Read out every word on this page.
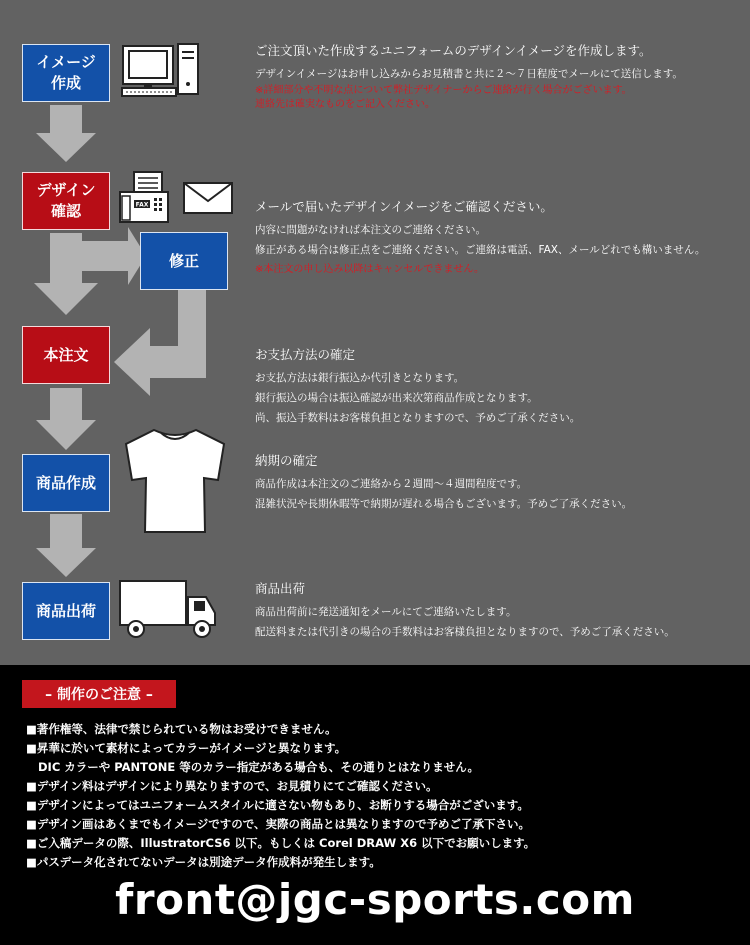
イメージ
作成
デザイン
確認
修正
本注文
商品作成
商品出荷
FAX

ご注文頂いた作成するユニフォームのデザインイメージを作成します。

デザインイメージはお申し込みからお見積書と共に２～７日程度でメールにて送信します。

※詳細部分や不明な点について弊社デザイナーからご連絡が行く場合がございます。

連絡先は確実なものをご記入ください。

メールで届いたデザインイメージをご確認ください。

内容に問題がなければ本注文のご連絡ください。

修正がある場合は修正点をご連絡ください。ご連絡は電話、FAX、メールどれでも構いません。

※本注文の申し込み以降はキャンセルできません。

お支払方法の確定

お支払方法は銀行振込か代引きとなります。

銀行振込の場合は振込確認が出来次第商品作成となります。

尚、振込手数料はお客様負担となりますので、予めご了承ください。

納期の確定

商品作成は本注文のご連絡から２週間～４週間程度です。

混雑状況や長期休暇等で納期が遅れる場合もございます。予めご了承ください。

商品出荷

商品出荷前に発送通知をメールにてご連絡いたします。

配送料または代引きの場合の手数料はお客様負担となりますので、予めご了承ください。

– 制作のご注意 –
■著作権等、法律で禁じられている物はお受けできません。
■昇華に於いて素材によってカラーがイメージと異なります。
DIC カラーや PANTONE 等のカラー指定がある場合も、その通りとはなりません。
■デザイン料はデザインにより異なりますので、お見積りにてご確認ください。
■デザインによってはユニフォームスタイルに適さない物もあり、お断りする場合がございます。
■デザイン画はあくまでもイメージですので、実際の商品とは異なりますので予めご了承下さい。
■ご入稿データの際、IllustratorCS6 以下。もしくは Corel DRAW X6 以下でお願いします。
■パスデータ化されてないデータは別途データ作成料が発生します。
front@jgc-sports.com
